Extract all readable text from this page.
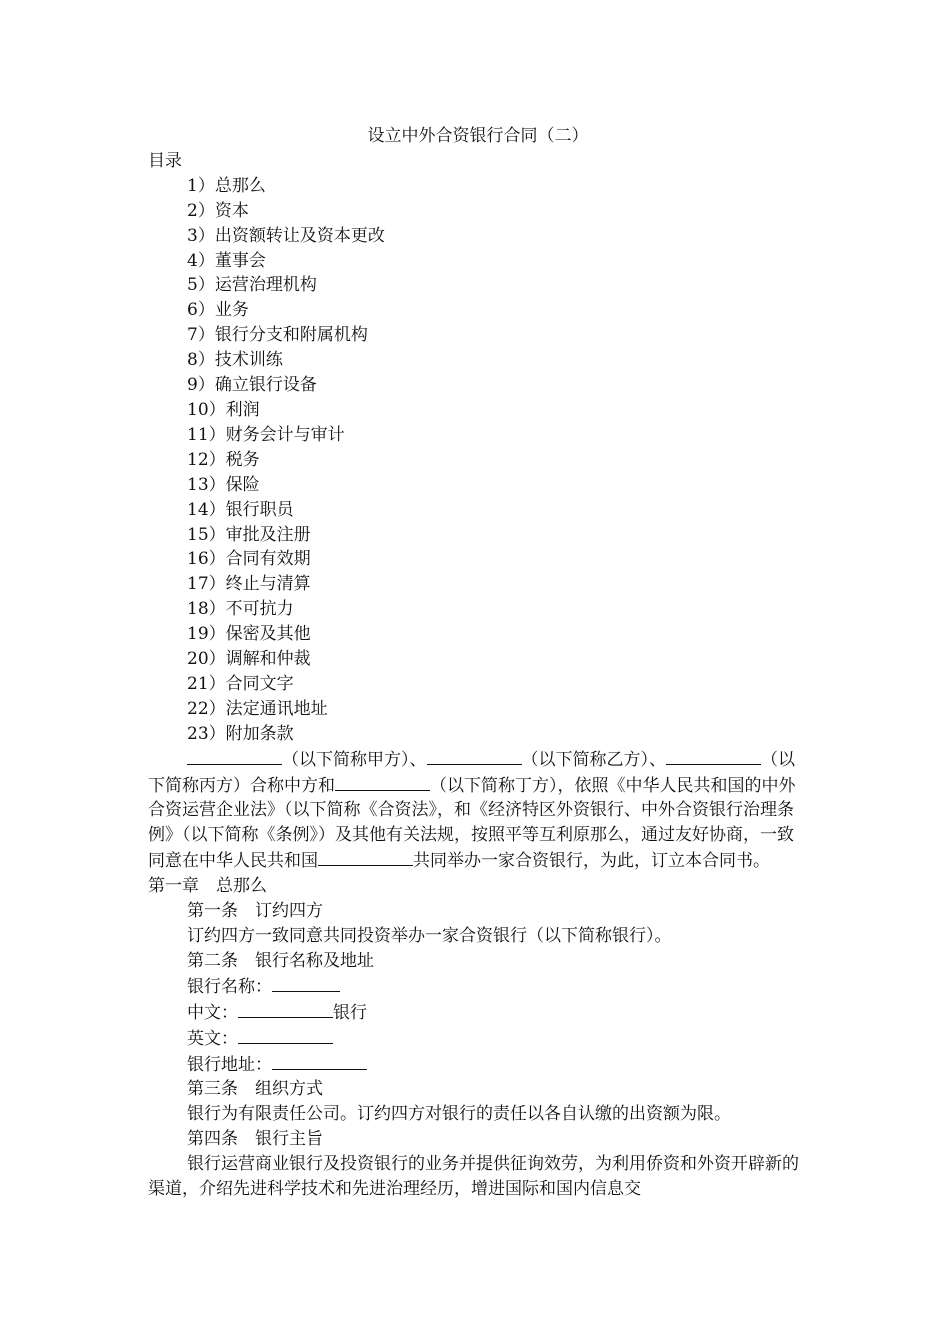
设立中外合资银行合同（二）

目录

1）总那么
2）资本
3）出资额转让及资本更改
4）董事会
5）运营治理机构
6）业务
7）银行分支和附属机构
8）技术训练
9）确立银行设备
10）利润
11）财务会计与审计
12）税务
13）保险
14）银行职员
15）审批及注册
16）合同有效期
17）终止与清算
18）不可抗力
19）保密及其他
20）调解和仲裁
21）合同文字
22）法定通讯地址
23）附加条款

（以下简称甲方）、	（以下简称乙方）、	（以下简称丙方）合称中方和	（以下简称丁方），依照《中华人民共和国的中外合资运营企业法》（以下简称《合资法》，和《经济特区外资银行、中外合资银行治理条例》（以下简称《条例》）及其他有关法规，按照平等互利原那么，通过友好协商，一致同意在中华人民共和国	共同举办一家合资银行，为此，订立本合同书。

第一章　总那么

第一条　订约四方

订约四方一致同意共同投资举办一家合资银行（以下简称银行）。

第二条　银行名称及地址

银行名称：

中文：	银行

英文：

银行地址：

第三条　组织方式

银行为有限责任公司。订约四方对银行的责任以各自认缴的出资额为限。

第四条　银行主旨

银行运营商业银行及投资银行的业务并提供征询效劳，为利用侨资和外资开辟新的渠道，介绍先进科学技术和先进治理经历，增进国际和国内信息交
